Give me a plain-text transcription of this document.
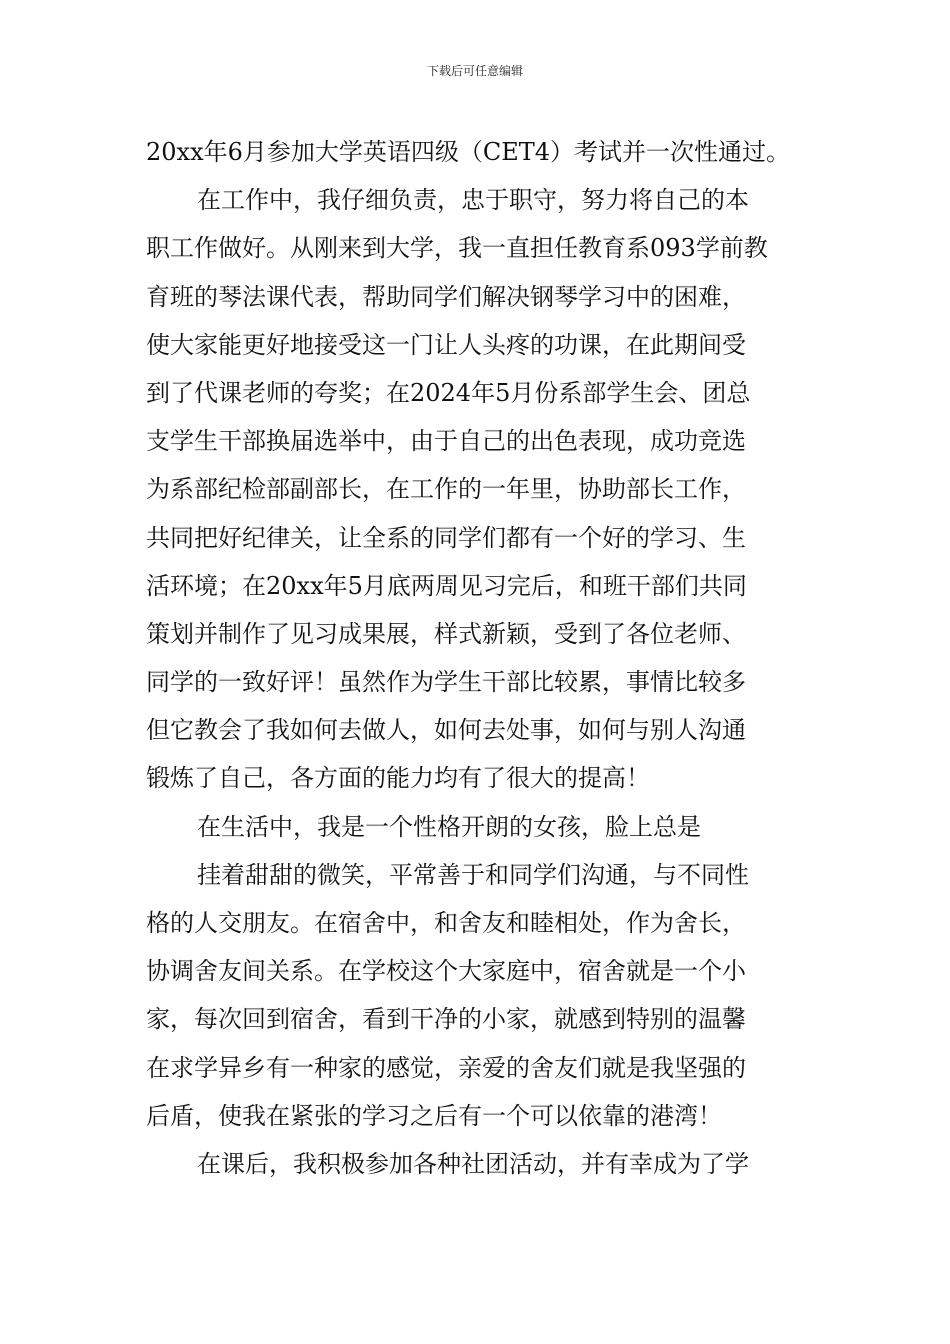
下载后可任意编辑
20xx年6月参加大学英语四级（CET4）考试并一次性通过。
在工作中，我仔细负责，忠于职守，努力将自己的本
职工作做好。从刚来到大学，我一直担任教育系093学前教
育班的琴法课代表，帮助同学们解决钢琴学习中的困难，
使大家能更好地接受这一门让人头疼的功课，在此期间受
到了代课老师的夸奖；在2024年5月份系部学生会、团总
支学生干部换届选举中，由于自己的出色表现，成功竞选
为系部纪检部副部长，在工作的一年里，协助部长工作，
共同把好纪律关，让全系的同学们都有一个好的学习、生
活环境；在20xx年5月底两周见习完后，和班干部们共同
策划并制作了见习成果展，样式新颖，受到了各位老师、
同学的一致好评！虽然作为学生干部比较累，事情比较多
但它教会了我如何去做人，如何去处事，如何与别人沟通
锻炼了自己，各方面的能力均有了很大的提高！
在生活中，我是一个性格开朗的女孩，脸上总是
挂着甜甜的微笑，平常善于和同学们沟通，与不同性
格的人交朋友。在宿舍中，和舍友和睦相处，作为舍长，
协调舍友间关系。在学校这个大家庭中，宿舍就是一个小
家，每次回到宿舍，看到干净的小家，就感到特别的温馨
在求学异乡有一种家的感觉，亲爱的舍友们就是我坚强的
后盾，使我在紧张的学习之后有一个可以依靠的港湾！
在课后，我积极参加各种社团活动，并有幸成为了学
